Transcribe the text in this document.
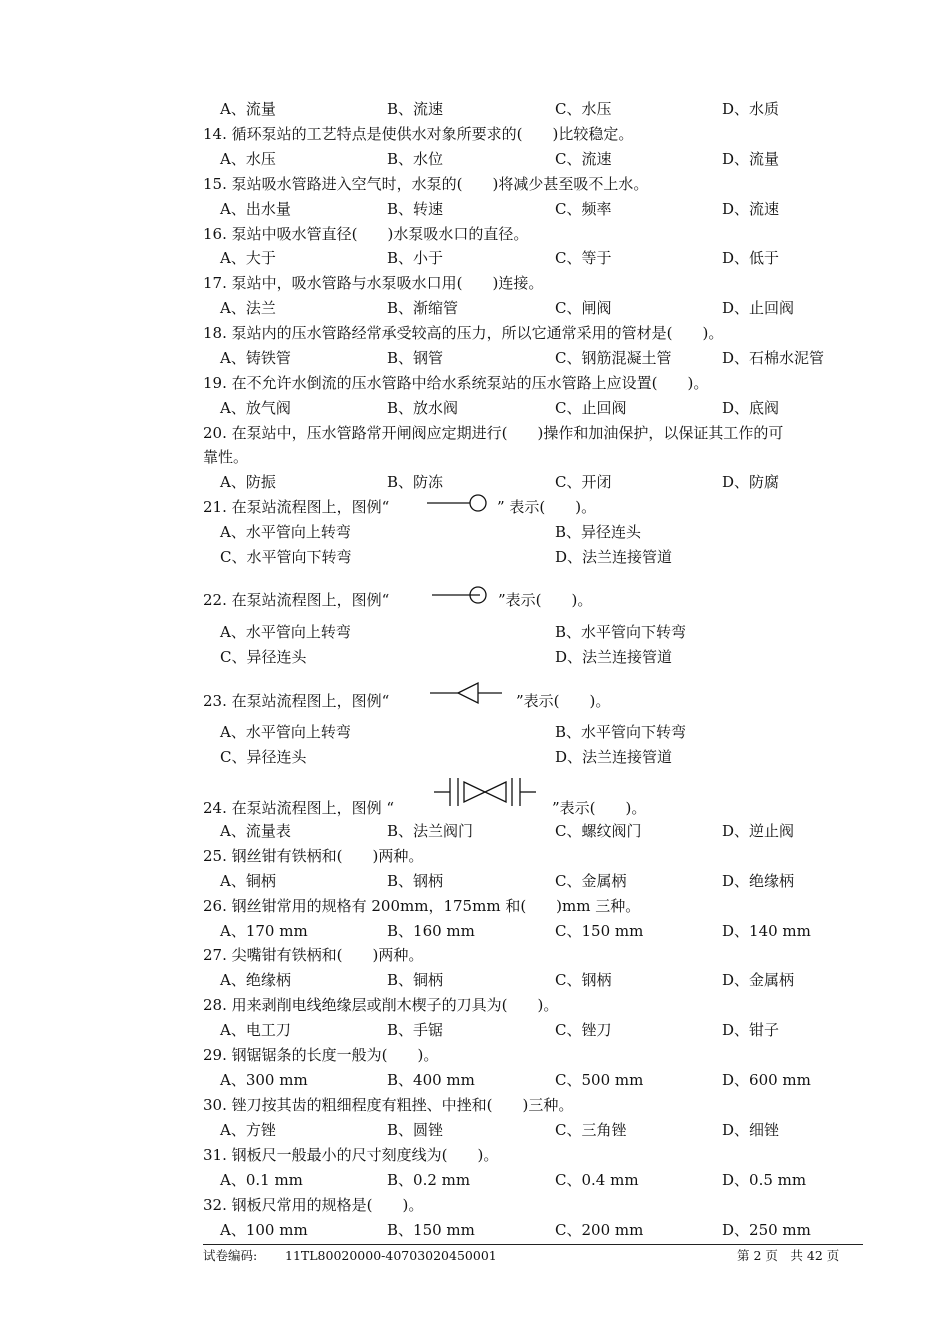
A、流量	B、流速	C、水压	D、水质
14. 循环泵站的工艺特点是使供水对象所要求的(　　)比较稳定。
A、水压	B、水位	C、流速	D、流量
15. 泵站吸水管路进入空气时，水泵的(　　)将减少甚至吸不上水。
A、出水量	B、转速	C、频率	D、流速
16. 泵站中吸水管直径(　　)水泵吸水口的直径。
A、大于	B、小于	C、等于	D、低于
17. 泵站中，吸水管路与水泵吸水口用(　　)连接。
A、法兰	B、渐缩管	C、闸阀	D、止回阀
18. 泵站内的压水管路经常承受较高的压力，所以它通常采用的管材是(　　)。
A、铸铁管	B、钢管	C、钢筋混凝土管	D、石棉水泥管
19. 在不允许水倒流的压水管路中给水系统泵站的压水管路上应设置(　　)。
A、放气阀	B、放水阀	C、止回阀	D、底阀
20. 在泵站中，压水管路常开闸阀应定期进行(　　)操作和加油保护，以保证其工作的可
靠性。
A、防振	B、防冻	C、开闭	D、防腐
21. 在泵站流程图上，图例“	” 表示(　　)。
A、水平管向上转弯	B、异径连头
C、水平管向下转弯	D、法兰连接管道
22. 在泵站流程图上，图例“	”表示(　　)。
A、水平管向上转弯	B、水平管向下转弯
C、异径连头	D、法兰连接管道
23. 在泵站流程图上，图例“	”表示(　　)。
A、水平管向上转弯	B、水平管向下转弯
C、异径连头	D、法兰连接管道
24. 在泵站流程图上，图例 “	”表示(　　)。
A、流量表	B、法兰阀门	C、螺纹阀门	D、逆止阀
25. 钢丝钳有铁柄和(　　)两种。
A、铜柄	B、钢柄	C、金属柄	D、绝缘柄
26. 钢丝钳常用的规格有 200mm，175mm 和(　　)mm 三种。
A、170 mm	B、160 mm	C、150 mm	D、140 mm
27. 尖嘴钳有铁柄和(　　)两种。
A、绝缘柄	B、铜柄	C、钢柄	D、金属柄
28. 用来剥削电线绝缘层或削木楔子的刀具为(　　)。
A、电工刀	B、手锯	C、锉刀	D、钳子
29. 钢锯锯条的长度一般为(　　)。
A、300 mm	B、400 mm	C、500 mm	D、600 mm
30. 锉刀按其齿的粗细程度有粗挫、中挫和(　　)三种。
A、方锉	B、圆锉	C、三角锉	D、细锉
31. 钢板尺一般最小的尺寸刻度线为(　　)。
A、0.1 mm	B、0.2 mm	C、0.4 mm	D、0.5 mm
32. 钢板尺常用的规格是(　　)。
A、100 mm	B、150 mm	C、200 mm	D、250 mm
试卷编码: 11TL80020000-40703020450001	第 2 页　共 42 页
